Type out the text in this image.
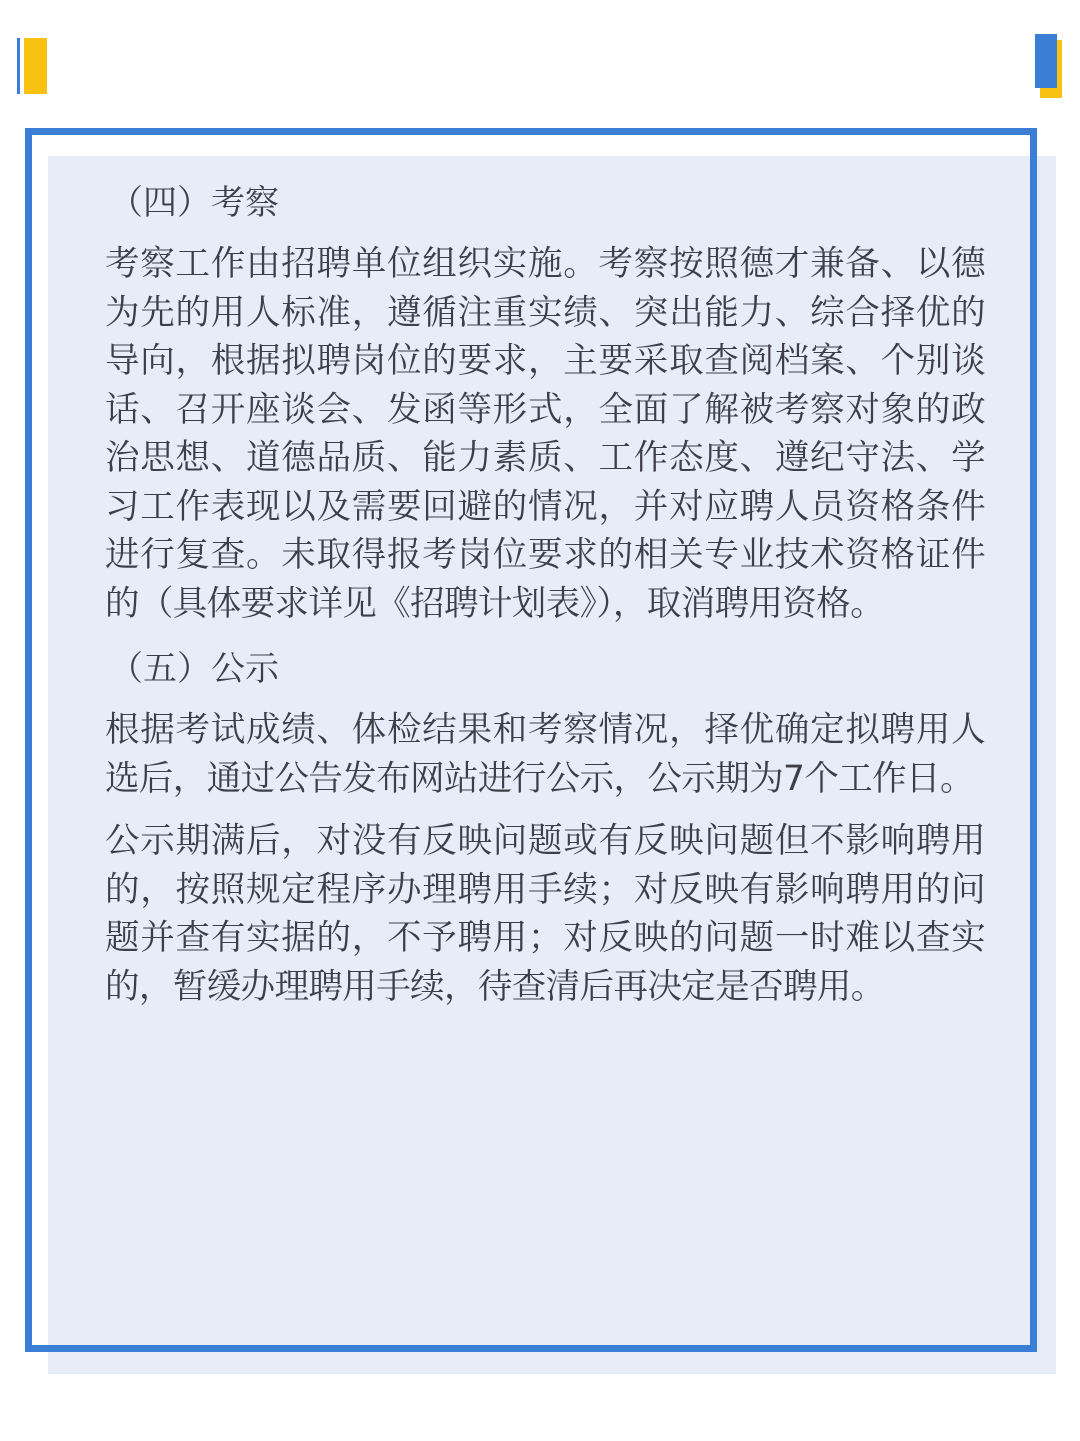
（四）考察

考察工作由招聘单位组织实施。考察按照德才兼备、以德为先的用人标准，遵循注重实绩、突出能力、综合择优的导向，根据拟聘岗位的要求，主要采取查阅档案、个别谈话、召开座谈会、发函等形式，全面了解被考察对象的政治思想、道德品质、能力素质、工作态度、遵纪守法、学习工作表现以及需要回避的情况，并对应聘人员资格条件进行复查。未取得报考岗位要求的相关专业技术资格证件的（具体要求详见《招聘计划表》），取消聘用资格。

（五）公示

根据考试成绩、体检结果和考察情况，择优确定拟聘用人选后，通过公告发布网站进行公示，公示期为7个工作日。

公示期满后，对没有反映问题或有反映问题但不影响聘用的，按照规定程序办理聘用手续；对反映有影响聘用的问题并查有实据的，不予聘用；对反映的问题一时难以查实的，暂缓办理聘用手续，待查清后再决定是否聘用。
